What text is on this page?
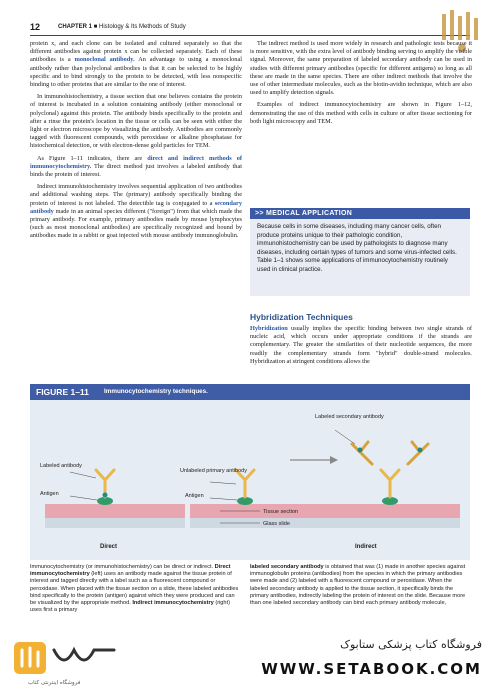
12	CHAPTER 1 ■ Histology & Its Methods of Study

protein x, and each clone can be isolated and cultured separately so that the different antibodies against protein x can be collected separately. Each of these antibodies is a monoclonal antibody. An advantage to using a monoclonal antibody rather than polyclonal antibodies is that it can be selected to be highly specific and to bind strongly to the protein to be detected, with less nonspecific binding to other proteins that are similar to the one of interest.

In immunohistochemistry, a tissue section that one believes contains the protein of interest is incubated in a solution containing antibody (either monoclonal or polyclonal) against this protein. The antibody binds specifically to the protein and after a rinse the protein's location in the tissue or cells can be seen with either the light or electron microscope by visualizing the antibody. Antibodies are commonly tagged with fluorescent compounds, with peroxidase or alkaline phosphatase for histochemical detection, or with electron-dense gold particles for TEM.

As Figure 1–11 indicates, there are direct and indirect methods of immunocytochemistry. The direct method just involves a labeled antibody that binds the protein of interest.

Indirect immunohistochemistry involves sequential application of two antibodies and additional washing steps. The (primary) antibody specifically binding the protein of interest is not labeled. The detectible tag is conjugated to a secondary antibody made in an animal species different ("foreign") from that which made the primary antibody. For example, primary antibodies made by mouse lymphocytes (such as most monoclonal antibodies) are specifically recognized and bound by antibodies made in a rabbit or goat injected with mouse antibody immunoglobulin.

The indirect method is used more widely in research and pathologic tests because it is more sensitive, with the extra level of antibody binding serving to amplify the visible signal. Moreover, the same preparation of labeled secondary antibody can be used in studies with different primary antibodies (specific for different antigens) so long as all these are made in the same species. There are other indirect methods that involve the use of other intermediate molecules, such as the biotin-avidin technique, which are also used to amplify detection signals.

Examples of indirect immunocytochemistry are shown in Figure 1–12, demonstrating the use of this method with cells in culture or after tissue sectioning for both light microscopy and TEM.

>> MEDICAL APPLICATION
Because cells in some diseases, including many cancer cells, often produce proteins unique to their pathologic condition, immunohistochemistry can be used by pathologists to diagnose many diseases, including certain types of tumors and some virus-infected cells. Table 1–1 shows some applications of immunocytochemistry routinely used in clinical practice.
Hybridization Techniques

Hybridization usually implies the specific binding between two single strands of nucleic acid, which occurs under appropriate conditions if the strands are complementary. The greater the similarities of their nucleotide sequences, the more readily the complementary strands form "hybrid" double-strand molecules. Hybridization at stringent conditions allows the

FIGURE 1–11 Immunocytochemistry techniques.
Labeled antibody
Antigen
Unlabeled primary antibody
Antigen
Labeled secondary antibody
Tissue section
Glass slide
Direct	Indirect
Immunocytochemistry (or immunohistochemistry) can be direct or indirect. Direct immunocytochemistry (left) uses an antibody made against the tissue protein of interest and tagged directly with a label such as a fluorescent compound or peroxidase. When placed with the tissue section on a slide, these labeled antibodies bind specifically to the protein (antigen) against which they were produced and can be visualized by the appropriate method. Indirect immunocytochemistry (right) uses first a primary
labeled secondary antibody is obtained that was (1) made in another species against immunoglobulin proteins (antibodies) from the species in which the primary antibodies were made and (2) labeled with a fluorescent compound or peroxidase. When the labeled secondary antibody is applied to the tissue section, it specifically binds the primary antibodies, indirectly labeling the protein of interest on the slide. Because more than one labeled secondary antibody can bind each primary antibody molecule,
فروشگاه اینترنتی کتاب
فروشگاه کتاب پزشکی ستابوک
WWW.SETABOOK.COM
